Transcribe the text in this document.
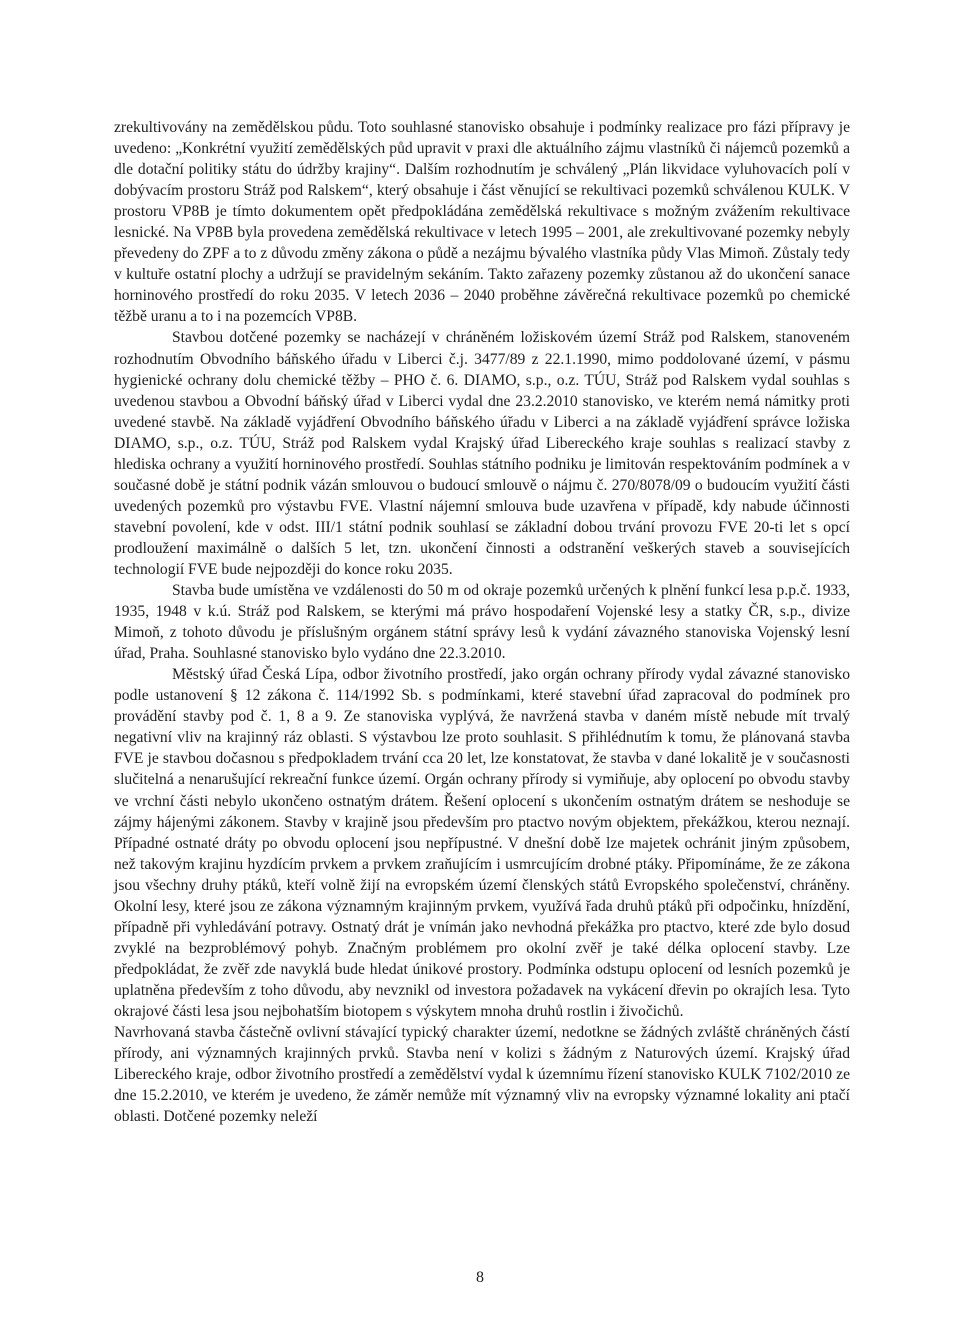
zrekultivovány na zemědělskou půdu. Toto souhlasné stanovisko obsahuje i podmínky realizace pro fázi přípravy je uvedeno: „Konkrétní využití zemědělských půd upravit v praxi dle aktuálního zájmu vlastníků či nájemců pozemků a dle dotační politiky státu do údržby krajiny“. Dalším rozhodnutím je schválený „Plán likvidace vyluhovacích polí v dobývacím prostoru Stráž pod Ralskem“, který obsahuje i část věnující se rekultivaci pozemků schválenou KULK. V prostoru VP8B je tímto dokumentem opět předpokládána zemědělská rekultivace s možným zvážením rekultivace lesnické. Na VP8B byla provedena zemědělská rekultivace v letech 1995 – 2001, ale zrekultivované pozemky nebyly převedeny do ZPF a to z důvodu změny zákona o půdě a nezájmu bývalého vlastníka půdy Vlas Mimoň. Zůstaly tedy v kultuře ostatní plochy a udržují se pravidelným sekáním. Takto zařazeny pozemky zůstanou až do ukončení sanace horninového prostředí do roku 2035. V letech 2036 – 2040 proběhne závěrečná rekultivace pozemků po chemické těžbě uranu a to i na pozemcích VP8B.

Stavbou dotčené pozemky se nacházejí v chráněném ložiskovém území Stráž pod Ralskem, stanoveném rozhodnutím Obvodního báňského úřadu v Liberci č.j. 3477/89 z 22.1.1990, mimo poddolované území, v pásmu hygienické ochrany dolu chemické těžby – PHO č. 6. DIAMO, s.p., o.z. TÚU, Stráž pod Ralskem vydal souhlas s uvedenou stavbou a Obvodní báňský úřad v Liberci vydal dne 23.2.2010 stanovisko, ve kterém nemá námitky proti uvedené stavbě. Na základě vyjádření Obvodního báňského úřadu v Liberci a na základě vyjádření správce ložiska DIAMO, s.p., o.z. TÚU, Stráž pod Ralskem vydal Krajský úřad Libereckého kraje souhlas s realizací stavby z hlediska ochrany a využití horninového prostředí. Souhlas státního podniku je limitován respektováním podmínek a v současné době je státní podnik vázán smlouvou o budoucí smlouvě o nájmu č. 270/8078/09 o budoucím využití části uvedených pozemků pro výstavbu FVE. Vlastní nájemní smlouva bude uzavřena v případě, kdy nabude účinnosti stavební povolení, kde v odst. III/1 státní podnik souhlasí se základní dobou trvání provozu FVE 20-ti let s opcí prodloužení maximálně o dalších 5 let, tzn. ukončení činnosti a odstranění veškerých staveb a souvisejících technologií FVE bude nejpozději do konce roku 2035.

Stavba bude umístěna ve vzdálenosti do 50 m od okraje pozemků určených k plnění funkcí lesa p.p.č. 1933, 1935, 1948 v k.ú. Stráž pod Ralskem, se kterými má právo hospodaření Vojenské lesy a statky ČR, s.p., divize Mimoň, z tohoto důvodu je příslušným orgánem státní správy lesů k vydání závazného stanoviska Vojenský lesní úřad, Praha. Souhlasné stanovisko bylo vydáno dne 22.3.2010.

Městský úřad Česká Lípa, odbor životního prostředí, jako orgán ochrany přírody vydal závazné stanovisko podle ustanovení § 12 zákona č. 114/1992 Sb. s podmínkami, které stavební úřad zapracoval do podmínek pro provádění stavby pod č. 1, 8 a 9. Ze stanoviska vyplývá, že navržená stavba v daném místě nebude mít trvalý negativní vliv na krajinný ráz oblasti. S výstavbou lze proto souhlasit. S přihlédnutím k tomu, že plánovaná stavba FVE je stavbou dočasnou s předpokladem trvání cca 20 let, lze konstatovat, že stavba v dané lokalitě je v současnosti slučitelná a nenarušující rekreační funkce území. Orgán ochrany přírody si vymiňuje, aby oplocení po obvodu stavby ve vrchní části nebylo ukončeno ostnatým drátem. Řešení oplocení s ukončením ostnatým drátem se neshoduje se zájmy hájenými zákonem. Stavby v krajině jsou především pro ptactvo novým objektem, překážkou, kterou neznají. Případné ostnaté dráty po obvodu oplocení jsou nepřípustné. V dnešní době lze majetek ochránit jiným způsobem, než takovým krajinu hyzdícím prvkem a prvkem zraňujícím i usmrcujícím drobné ptáky. Připomínáme, že ze zákona jsou všechny druhy ptáků, kteří volně žijí na evropském území členských států Evropského společenství, chráněny. Okolní lesy, které jsou ze zákona významným krajinným prvkem, využívá řada druhů ptáků při odpočinku, hnízdění, případně při vyhledávání potravy. Ostnatý drát je vnímán jako nevhodná překážka pro ptactvo, které zde bylo dosud zvyklé na bezproblémový pohyb. Značným problémem pro okolní zvěř je také délka oplocení stavby. Lze předpokládat, že zvěř zde navyklá bude hledat únikové prostory. Podmínka odstupu oplocení od lesních pozemků je uplatněna především z toho důvodu, aby nevznikl od investora požadavek na vykácení dřevin po okrajích lesa. Tyto okrajové části lesa jsou nejbohatším biotopem s výskytem mnoha druhů rostlin i živočichů.

Navrhovaná stavba částečně ovlivní stávající typický charakter území, nedotkne se žádných zvláště chráněných částí přírody, ani významných krajinných prvků. Stavba není v kolizi s žádným z Naturových území. Krajský úřad Libereckého kraje, odbor životního prostředí a zemědělství vydal k územnímu řízení stanovisko KULK 7102/2010 ze dne 15.2.2010, ve kterém je uvedeno, že záměr nemůže mít významný vliv na evropsky významné lokality ani ptačí oblasti. Dotčené pozemky neleží

8
